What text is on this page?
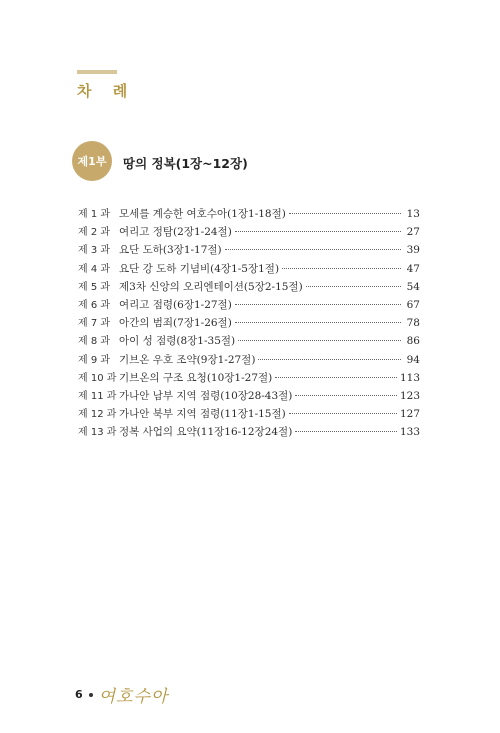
차 례
제1부	땅의 정복(1장~12장)
제 1 과 모세를 계승한 여호수아(1장1-18절)	13
제 2 과 여리고 정탐(2장1-24절)	27
제 3 과 요단 도하(3장1-17절)	39
제 4 과 요단 강 도하 기념비(4장1-5장1절)	47
제 5 과 제3차 신앙의 오리엔테이션(5장2-15절)	54
제 6 과 여리고 점령(6장1-27절)	67
제 7 과 아간의 범죄(7장1-26절)	78
제 8 과 아이 성 점령(8장1-35절)	86
제 9 과 기브온 우호 조약(9장1-27절)	94
제 10 과 기브온의 구조 요청(10장1-27절)	113
제 11 과 가나안 남부 지역 점령(10장28-43절)	123
제 12 과 가나안 북부 지역 점령(11장1-15절)	127
제 13 과 정복 사업의 요약(11장16-12장24절)	133
6 여호수아
